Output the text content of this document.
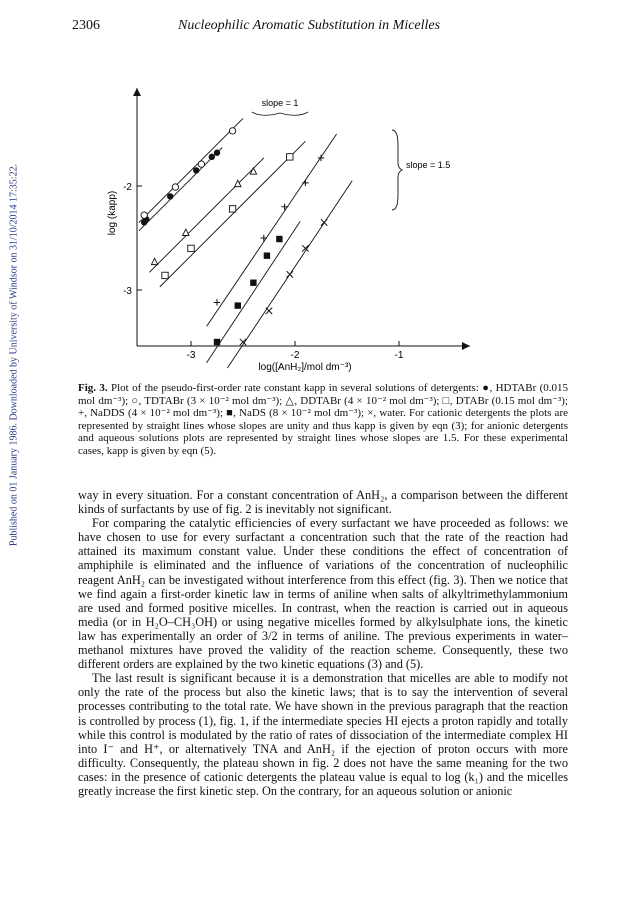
2306	Nucleophilic Aromatic Substitution in Micelles
Published on 01 January 1986. Downloaded by University of Windsor on 31/10/2014 17:35:22.	-3	-2	-1
-2
-3
log([AnH₂]/mol dm⁻³)
log (kapp)
slope = 1
slope = 1.5
Fig. 3. Plot of the pseudo-first-order rate constant kapp in several solutions of detergents: ●, HDTABr (0.015 mol dm⁻³); ○, TDTABr (3 × 10⁻² mol dm⁻³); △, DDTABr (4 × 10⁻² mol dm⁻³); □, DTABr (0.15 mol dm⁻³); +, NaDDS (4 × 10⁻² mol dm⁻³); ■, NaDS (8 × 10⁻² mol dm⁻³); ×, water. For cationic detergents the plots are represented by straight lines whose slopes are unity and thus kapp is given by eqn (3); for anionic detergents and aqueous solutions plots are represented by straight lines whose slopes are 1.5. For these experimental cases, kapp is given by eqn (5).

way in every situation. For a constant concentration of AnH₂, a comparison between the different kinds of surfactants by use of fig. 2 is inevitably not significant.

For comparing the catalytic efficiencies of every surfactant we have proceeded as follows: we have chosen to use for every surfactant a concentration such that the rate of the reaction had attained its maximum constant value. Under these conditions the effect of concentration of amphiphile is eliminated and the influence of variations of the concentration of nucleophilic reagent AnH₂ can be investigated without interference from this effect (fig. 3). Then we notice that we find again a first-order kinetic law in terms of aniline when salts of alkyltrimethylammonium are used and formed positive micelles. In contrast, when the reaction is carried out in aqueous media (or in H₂O–CH₃OH) or using negative micelles formed by alkylsulphate ions, the kinetic law has experimentally an order of 3/2 in terms of aniline. The previous experiments in water–methanol mixtures have proved the validity of the reaction scheme. Consequently, these two different orders are explained by the two kinetic equations (3) and (5).

The last result is significant because it is a demonstration that micelles are able to modify not only the rate of the process but also the kinetic laws; that is to say the intervention of several processes contributing to the total rate. We have shown in the previous paragraph that the reaction is controlled by process (1), fig. 1, if the intermediate species HI ejects a proton rapidly and totally while this control is modulated by the ratio of rates of dissociation of the intermediate complex HI into I⁻ and H⁺, or alternatively TNA and AnH₂ if the ejection of proton occurs with more difficulty. Consequently, the plateau shown in fig. 2 does not have the same meaning for the two cases: in the presence of cationic detergents the plateau value is equal to log (k₁) and the micelles greatly increase the first kinetic step. On the contrary, for an aqueous solution or anionic
